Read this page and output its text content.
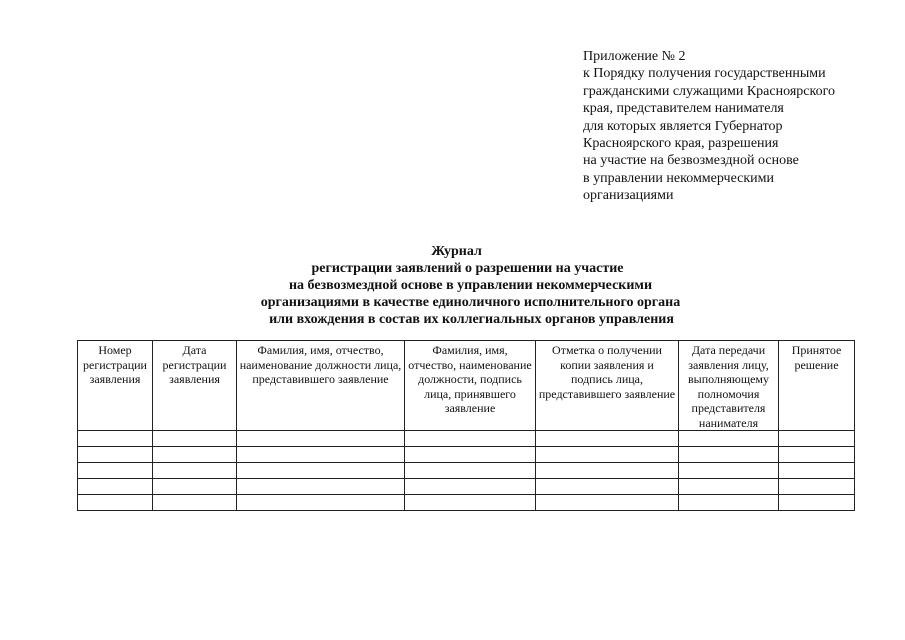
Приложение № 2
к Порядку получения государственными
гражданскими служащими Красноярского
края, представителем нанимателя
для которых является Губернатор
Красноярского края, разрешения
на участие на безвозмездной основе
в управлении некоммерческими
организациями
Журнал
регистрации заявлений о разрешении на участие
на безвозмездной основе в управлении некоммерческими
организациями в качестве единоличного исполнительного органа
или вхождения в состав их коллегиальных органов управления
Номер регистрации заявления	Дата регистрации заявления	Фамилия, имя, отчество, наименование должности лица, представившего заявление	Фамилия, имя, отчество, наименование должности, подпись лица, принявшего заявление	Отметка о получении копии заявления и подпись лица, представившего заявление	Дата передачи заявления лицу, выполняющему полномочия представителя нанимателя	Принятое решение
